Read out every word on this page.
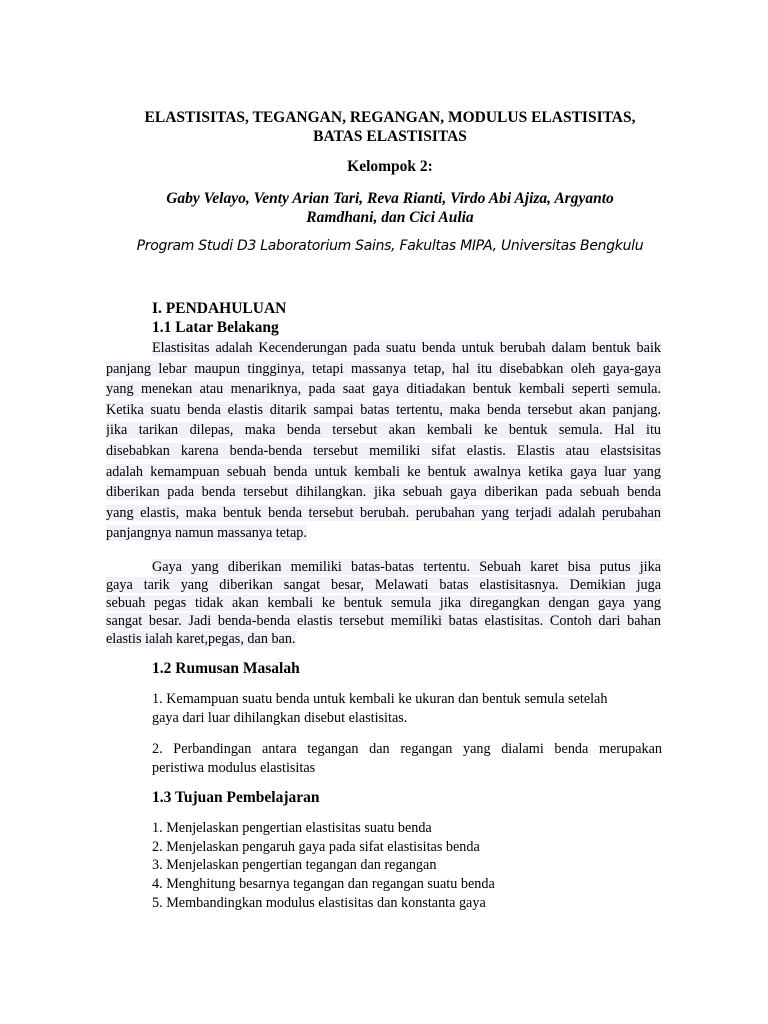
ELASTISITAS, TEGANGAN, REGANGAN, MODULUS ELASTISITAS,
BATAS ELASTISITAS
Kelompok 2:
Gaby Velayo, Venty Arian Tari, Reva Rianti, Virdo Abi Ajiza, Argyanto
Ramdhani, dan Cici Aulia
Program Studi D3 Laboratorium Sains, Fakultas MIPA, Universitas Bengkulu
I. PENDAHULUAN
1.1 Latar Belakang
Elastisitas adalah Kecenderungan pada suatu benda untuk berubah dalam bentuk baik
panjang lebar maupun tingginya, tetapi massanya tetap, hal itu disebabkan oleh gaya-gaya
yang menekan atau menariknya, pada saat gaya ditiadakan bentuk kembali seperti semula.
Ketika suatu benda elastis ditarik sampai batas tertentu, maka benda tersebut akan panjang.
jika tarikan dilepas, maka benda tersebut akan kembali ke bentuk semula. Hal itu
disebabkan karena benda-benda tersebut memiliki sifat elastis. Elastis atau elastsisitas
adalah kemampuan sebuah benda untuk kembali ke bentuk awalnya ketika gaya luar yang
diberikan pada benda tersebut dihilangkan. jika sebuah gaya diberikan pada sebuah benda
yang elastis, maka bentuk benda tersebut berubah. perubahan yang terjadi adalah perubahan
panjangnya namun massanya tetap.
Gaya yang diberikan memiliki batas-batas tertentu. Sebuah karet bisa putus jika
gaya tarik yang diberikan sangat besar, Melawati batas elastisitasnya. Demikian juga
sebuah pegas tidak akan kembali ke bentuk semula jika diregangkan dengan gaya yang
sangat besar. Jadi benda-benda elastis tersebut memiliki batas elastisitas. Contoh dari bahan
elastis ialah karet,pegas, dan ban.
1.2 Rumusan Masalah
1. Kemampuan suatu benda untuk kembali ke ukuran dan bentuk semula setelah
gaya dari luar dihilangkan disebut elastisitas.
2. Perbandingan antara tegangan dan regangan yang dialami benda merupakan
peristiwa modulus elastisitas
1.3 Tujuan Pembelajaran
1. Menjelaskan pengertian elastisitas suatu benda
2. Menjelaskan pengaruh gaya pada sifat elastisitas benda
3. Menjelaskan pengertian tegangan dan regangan
4. Menghitung besarnya tegangan dan regangan suatu benda
5. Membandingkan modulus elastisitas dan konstanta gaya
